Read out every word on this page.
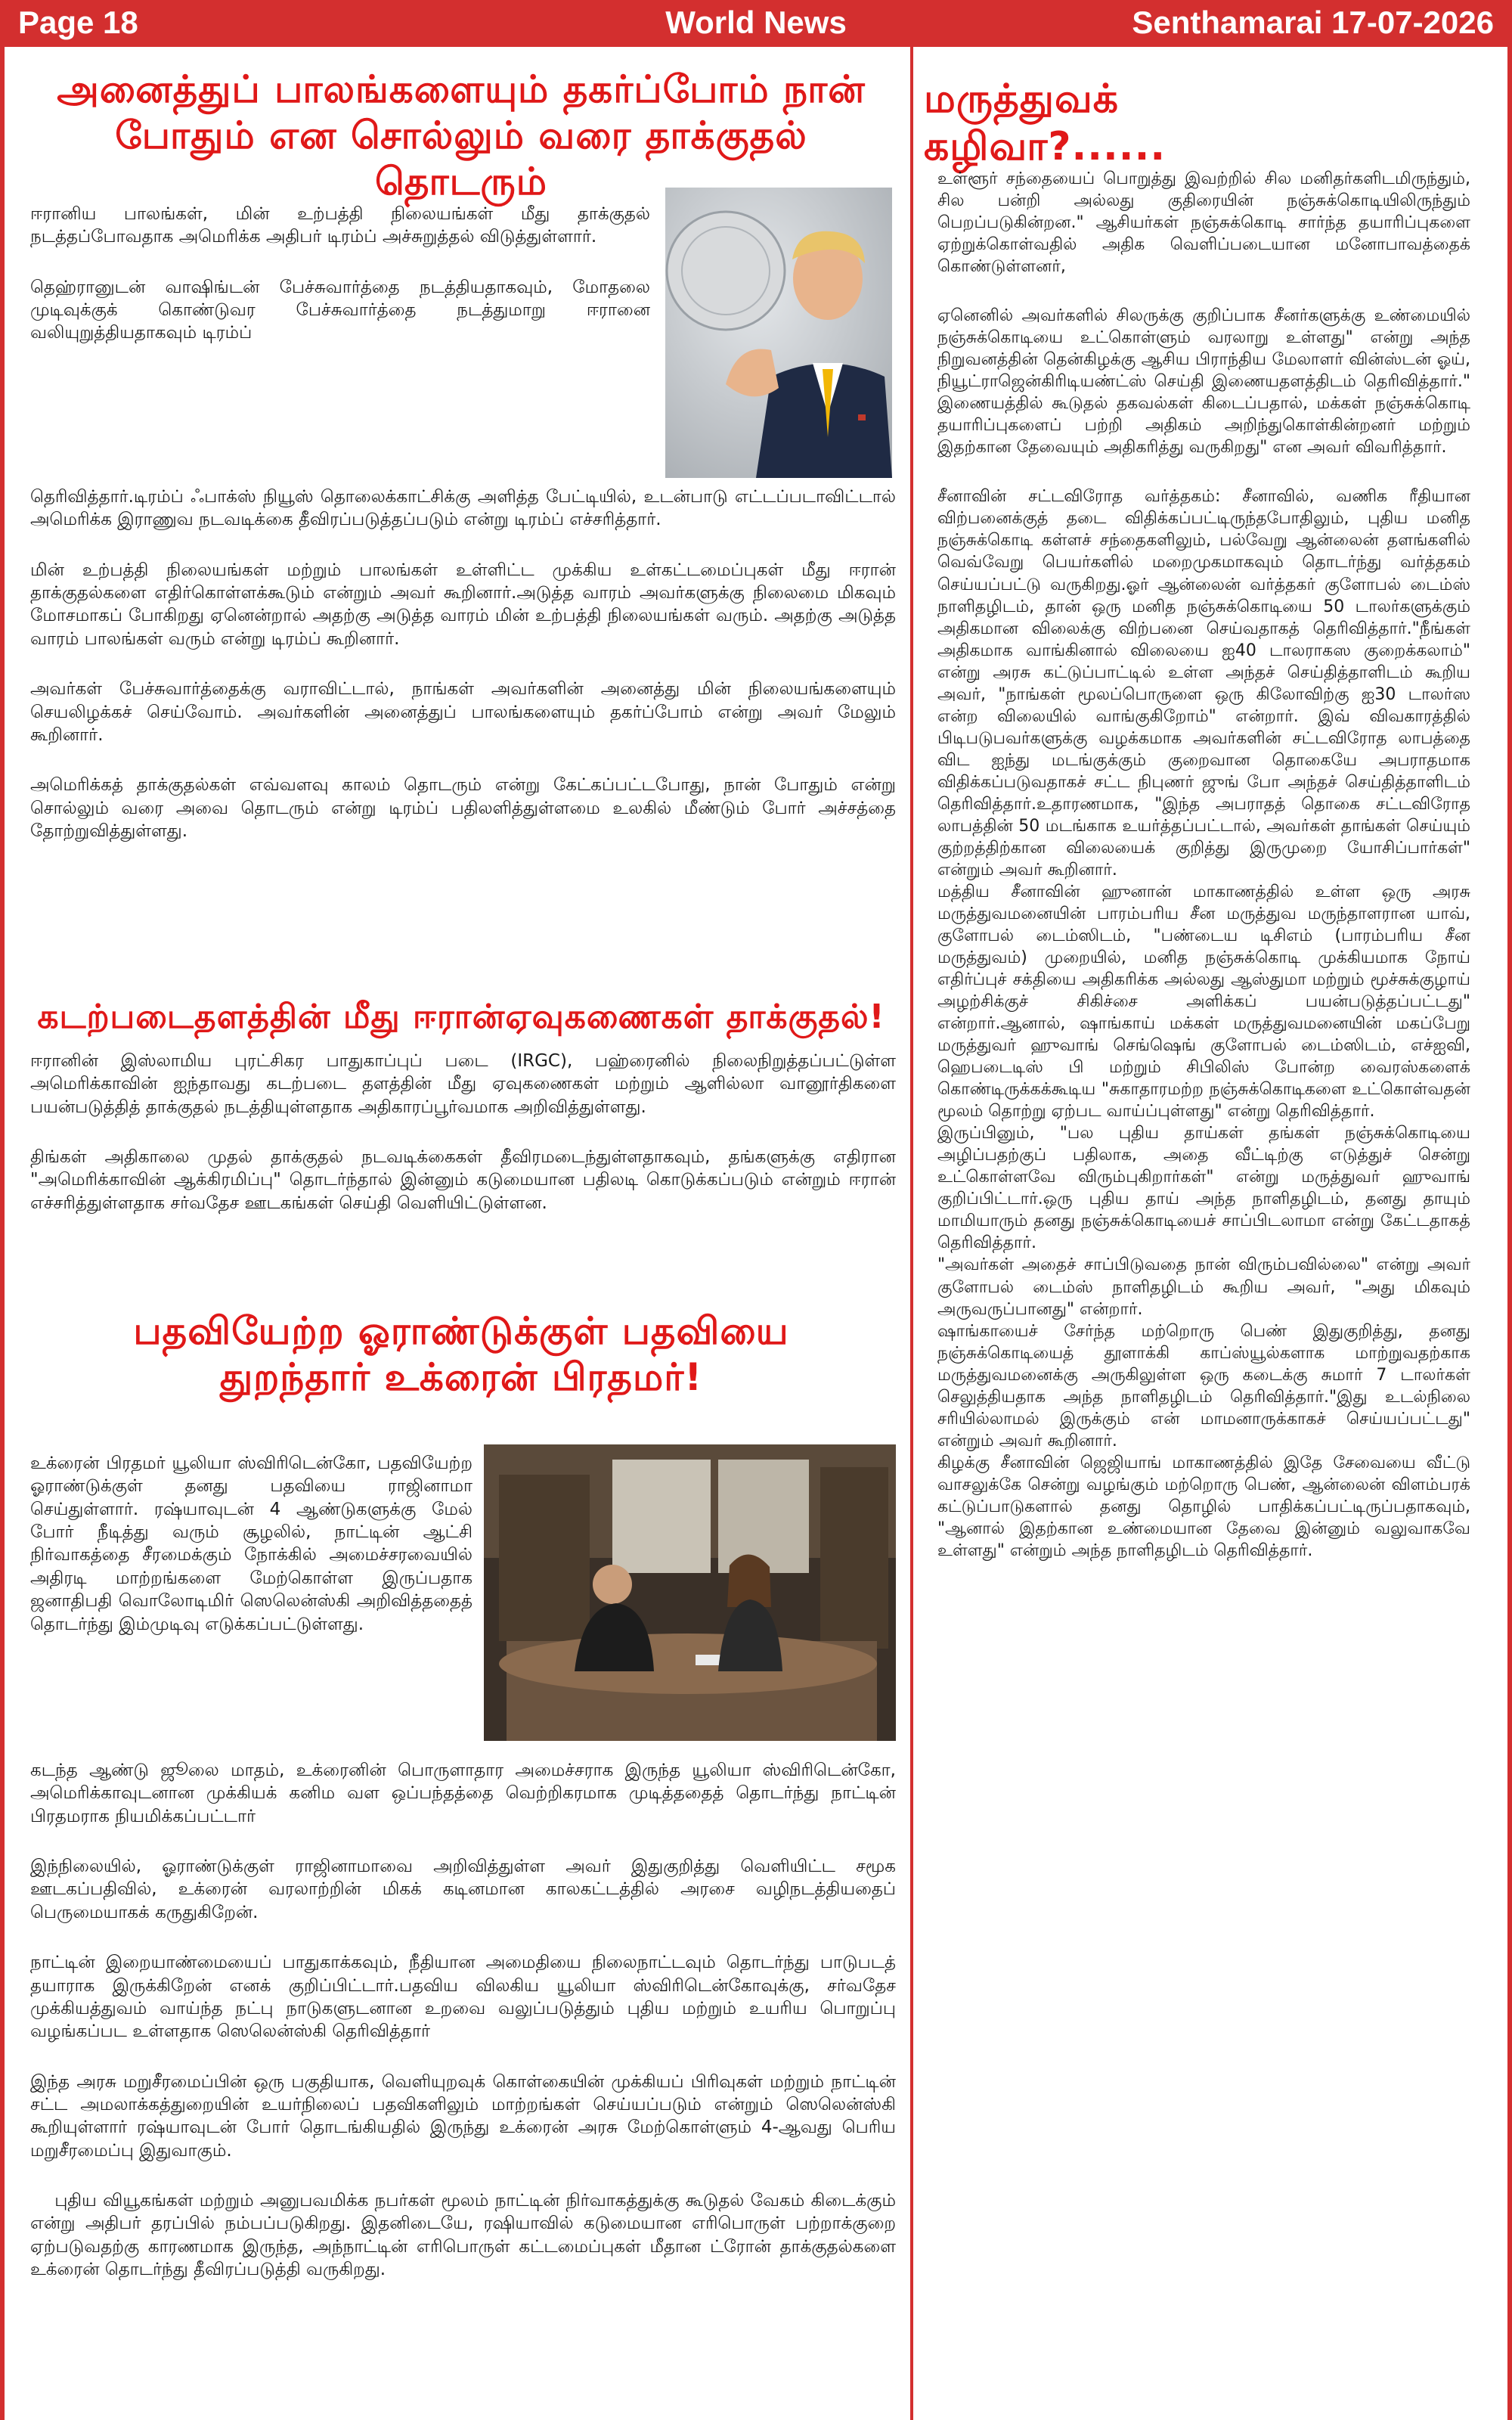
Page 18	World News	Senthamarai 17-07-2026
அனைத்துப் பாலங்களையும் தகர்ப்போம் நான்
போதும் என சொல்லும் வரை தாக்குதல் தொடரும்

ஈரானிய பாலங்கள், மின் உற்பத்தி நிலையங்கள் மீது தாக்குதல் நடத்தப்போவதாக அமெரிக்க அதிபர் டிரம்ப் அச்சுறுத்தல் விடுத்துள்ளார்.

தெஹ்ரானுடன் வாஷிங்டன் பேச்சுவார்த்தை நடத்தியதாகவும், மோதலை முடிவுக்குக் கொண்டுவர பேச்சுவார்த்தை நடத்துமாறு ஈரானை வலியுறுத்தியதாகவும் டிரம்ப்

தெரிவித்தார்.டிரம்ப் ஃபாக்ஸ் நியூஸ் தொலைக்காட்சிக்கு அளித்த பேட்டியில், உடன்பாடு எட்டப்படாவிட்டால் அமெரிக்க இராணுவ நடவடிக்கை தீவிரப்படுத்தப்படும் என்று டிரம்ப் எச்சரித்தார்.

மின் உற்பத்தி நிலையங்கள் மற்றும் பாலங்கள் உள்ளிட்ட முக்கிய உள்கட்டமைப்புகள் மீது ஈரான் தாக்குதல்களை எதிர்கொள்ளக்கூடும் என்றும் அவர் கூறினார்.அடுத்த வாரம் அவர்களுக்கு நிலைமை மிகவும் மோசமாகப் போகிறது ஏனென்றால் அதற்கு அடுத்த வாரம் மின் உற்பத்தி நிலையங்கள் வரும். அதற்கு அடுத்த வாரம் பாலங்கள் வரும் என்று டிரம்ப் கூறினார்.

அவர்கள் பேச்சுவார்த்தைக்கு வராவிட்டால், நாங்கள் அவர்களின் அனைத்து மின் நிலையங்களையும் செயலிழக்கச் செய்வோம். அவர்களின் அனைத்துப் பாலங்களையும் தகர்ப்போம் என்று அவர் மேலும் கூறினார்.

அமெரிக்கத் தாக்குதல்கள் எவ்வளவு காலம் தொடரும் என்று கேட்கப்பட்டபோது, நான் போதும் என்று சொல்லும் வரை அவை தொடரும் என்று டிரம்ப் பதிலளித்துள்ளமை உலகில் மீண்டும் போர் அச்சத்தை தோற்றுவித்துள்ளது.

கடற்படைதளத்தின் மீது ஈரான்ஏவுகணைகள் தாக்குதல்!

ஈரானின் இஸ்லாமிய புரட்சிகர பாதுகாப்புப் படை (IRGC), பஹ்ரைனில் நிலைநிறுத்தப்பட்டுள்ள அமெரிக்காவின் ஐந்தாவது கடற்படை தளத்தின் மீது ஏவுகணைகள் மற்றும் ஆளில்லா வானூர்திகளை பயன்படுத்தித் தாக்குதல் நடத்தியுள்ளதாக அதிகாரப்பூர்வமாக அறிவித்துள்ளது.

திங்கள் அதிகாலை முதல் தாக்குதல் நடவடிக்கைகள் தீவிரமடைந்துள்ளதாகவும், தங்களுக்கு எதிரான "அமெரிக்காவின் ஆக்கிரமிப்பு" தொடர்ந்தால் இன்னும் கடுமையான பதிலடி கொடுக்கப்படும் என்றும் ஈரான் எச்சரித்துள்ளதாக சர்வதேச ஊடகங்கள் செய்தி வெளியிட்டுள்ளன.

பதவியேற்ற ஓராண்டுக்குள் பதவியை
துறந்தார் உக்ரைன் பிரதமர்!

உக்ரைன் பிரதமர் யூலியா ஸ்விரிடென்கோ, பதவியேற்ற ஓராண்டுக்குள் தனது பதவியை ராஜினாமா செய்துள்ளார். ரஷ்யாவுடன் 4 ஆண்டுகளுக்கு மேல் போர் நீடித்து வரும் சூழலில், நாட்டின் ஆட்சி நிர்வாகத்தை சீரமைக்கும் நோக்கில் அமைச்சரவையில் அதிரடி மாற்றங்களை மேற்கொள்ள இருப்பதாக ஜனாதிபதி வொலோடிமிர் ஸெலென்ஸ்கி அறிவித்ததைத் தொடர்ந்து இம்முடிவு எடுக்கப்பட்டுள்ளது.

கடந்த ஆண்டு ஜூலை மாதம், உக்ரைனின் பொருளாதார அமைச்சராக இருந்த யூலியா ஸ்விரிடென்கோ, அமெரிக்காவுடனான முக்கியக் கனிம வள ஒப்பந்தத்தை வெற்றிகரமாக முடித்ததைத் தொடர்ந்து நாட்டின் பிரதமராக நியமிக்கப்பட்டார்

இந்நிலையில், ஓராண்டுக்குள் ராஜினாமாவை அறிவித்துள்ள அவர் இதுகுறித்து வெளியிட்ட சமூக ஊடகப்பதிவில், உக்ரைன் வரலாற்றின் மிகக் கடினமான காலகட்டத்தில் அரசை வழிநடத்தியதைப் பெருமையாகக் கருதுகிறேன்.

நாட்டின் இறையாண்மையைப் பாதுகாக்கவும், நீதியான அமைதியை நிலைநாட்டவும் தொடர்ந்து பாடுபடத் தயாராக இருக்கிறேன் எனக் குறிப்பிட்டார்.பதவிய விலகிய யூலியா ஸ்விரிடென்கோவுக்கு, சர்வதேச முக்கியத்துவம் வாய்ந்த நட்பு நாடுகளுடனான உறவை வலுப்படுத்தும் புதிய மற்றும் உயரிய பொறுப்பு வழங்கப்பட உள்ளதாக ஸெலென்ஸ்கி தெரிவித்தார்

இந்த அரசு மறுசீரமைப்பின் ஒரு பகுதியாக, வெளியுறவுக் கொள்கையின் முக்கியப் பிரிவுகள் மற்றும் நாட்டின் சட்ட அமலாக்கத்துறையின் உயர்நிலைப் பதவிகளிலும் மாற்றங்கள் செய்யப்படும் என்றும் ஸெலென்ஸ்கி கூறியுள்ளார் ரஷ்யாவுடன் போர் தொடங்கியதில் இருந்து உக்ரைன் அரசு மேற்கொள்ளும் 4-ஆவது பெரிய மறுசீரமைப்பு இதுவாகும்.

புதிய வியூகங்கள் மற்றும் அனுபவமிக்க நபர்கள் மூலம் நாட்டின் நிர்வாகத்துக்கு கூடுதல் வேகம் கிடைக்கும் என்று அதிபர் தரப்பில் நம்பப்படுகிறது. இதனிடையே, ரஷியாவில் கடுமையான எரிபொருள் பற்றாக்குறை ஏற்படுவதற்கு காரணமாக இருந்த, அந்நாட்டின் எரிபொருள் கட்டமைப்புகள் மீதான ட்ரோன் தாக்குதல்களை உக்ரைன் தொடர்ந்து தீவிரப்படுத்தி வருகிறது.

மருத்துவக் கழிவா?......

உள்ளூர் சந்தையைப் பொறுத்து இவற்றில் சில மனிதர்களிடமிருந்தும், சில பன்றி அல்லது குதிரையின் நஞ்சுக்கொடியிலிருந்தும் பெறப்படுகின்றன." ஆசியர்கள் நஞ்சுக்கொடி சார்ந்த தயாரிப்புகளை ஏற்றுக்கொள்வதில் அதிக வெளிப்படையான மனோபாவத்தைக் கொண்டுள்ளனர்,

ஏனெனில் அவர்களில் சிலருக்கு குறிப்பாக சீனர்களுக்கு உண்மையில் நஞ்சுக்கொடியை உட்கொள்ளும் வரலாறு உள்ளது" என்று அந்த நிறுவனத்தின் தென்கிழக்கு ஆசிய பிராந்திய மேலாளர் வின்ஸ்டன் ஓய், நியூட்ராஜென்கிரிடியண்ட்ஸ் செய்தி இணையதளத்திடம் தெரிவித்தார்." இணையத்தில் கூடுதல் தகவல்கள் கிடைப்பதால், மக்கள் நஞ்சுக்கொடி தயாரிப்புகளைப் பற்றி அதிகம் அறிந்துகொள்கின்றனர் மற்றும் இதற்கான தேவையும் அதிகரித்து வருகிறது" என அவர் விவரித்தார்.

சீனாவின் சட்டவிரோத வர்த்தகம்: சீனாவில், வணிக ரீதியான விற்பனைக்குத் தடை விதிக்கப்பட்டிருந்தபோதிலும், புதிய மனித நஞ்சுக்கொடி கள்ளச் சந்தைகளிலும், பல்வேறு ஆன்லைன் தளங்களில் வெவ்வேறு பெயர்களில் மறைமுகமாகவும் தொடர்ந்து வர்த்தகம் செய்யப்பட்டு வருகிறது.ஓர் ஆன்லைன் வர்த்தகர் குளோபல் டைம்ஸ் நாளிதழிடம், தான் ஒரு மனித நஞ்சுக்கொடியை 50 டாலர்களுக்கும் அதிகமான விலைக்கு விற்பனை செய்வதாகத் தெரிவித்தார்."நீங்கள் அதிகமாக வாங்கினால் விலையை ஐ40 டாலராகஸ குறைக்கலாம்" என்று அரசு கட்டுப்பாட்டில் உள்ள அந்தச் செய்தித்தாளிடம் கூறிய அவர், "நாங்கள் மூலப்பொருளை ஒரு கிலோவிற்கு ஐ30 டாலர்ஸ என்ற விலையில் வாங்குகிறோம்" என்றார். இவ் விவகாரத்தில் பிடிபடுபவர்களுக்கு வழக்கமாக அவர்களின் சட்டவிரோத லாபத்தை விட ஐந்து மடங்குக்கும் குறைவான தொகையே அபராதமாக விதிக்கப்படுவதாகச் சட்ட நிபுணர் ஜுங் போ அந்தச் செய்தித்தாளிடம் தெரிவித்தார்.உதாரணமாக, "இந்த அபராதத் தொகை சட்டவிரோத லாபத்தின் 50 மடங்காக உயர்த்தப்பட்டால், அவர்கள் தாங்கள் செய்யும் குற்றத்திற்கான விலையைக் குறித்து இருமுறை யோசிப்பார்கள்" என்றும் அவர் கூறினார்.

மத்திய சீனாவின் ஹுனான் மாகாணத்தில் உள்ள ஒரு அரசு மருத்துவமனையின் பாரம்பரிய சீன மருத்துவ மருந்தாளரான யாவ், குளோபல் டைம்ஸிடம், "பண்டைய டிசிஎம் (பாரம்பரிய சீன மருத்துவம்) முறையில், மனித நஞ்சுக்கொடி முக்கியமாக நோய் எதிர்ப்புச் சக்தியை அதிகரிக்க அல்லது ஆஸ்துமா மற்றும் மூச்சுக்குழாய் அழற்சிக்குச் சிகிச்சை அளிக்கப் பயன்படுத்தப்பட்டது" என்றார்.ஆனால், ஷாங்காய் மக்கள் மருத்துவமனையின் மகப்பேறு மருத்துவர் ஹுவாங் செங்ஷெங் குளோபல் டைம்ஸிடம், எச்ஐவி, ஹெபடைடிஸ் பி மற்றும் சிபிலிஸ் போன்ற வைரஸ்களைக் கொண்டிருக்கக்கூடிய "சுகாதாரமற்ற நஞ்சுக்கொடிகளை உட்கொள்வதன் மூலம் தொற்று ஏற்பட வாய்ப்புள்ளது" என்று தெரிவித்தார்.

இருப்பினும், "பல புதிய தாய்கள் தங்கள் நஞ்சுக்கொடியை அழிப்பதற்குப் பதிலாக, அதை வீட்டிற்கு எடுத்துச் சென்று உட்கொள்ளவே விரும்புகிறார்கள்" என்று மருத்துவர் ஹுவாங் குறிப்பிட்டார்.ஒரு புதிய தாய் அந்த நாளிதழிடம், தனது தாயும் மாமியாரும் தனது நஞ்சுக்கொடியைச் சாப்பிடலாமா என்று கேட்டதாகத் தெரிவித்தார்.

"அவர்கள் அதைச் சாப்பிடுவதை நான் விரும்பவில்லை" என்று அவர் குளோபல் டைம்ஸ் நாளிதழிடம் கூறிய அவர், "அது மிகவும் அருவருப்பானது" என்றார்.

ஷாங்காயைச் சேர்ந்த மற்றொரு பெண் இதுகுறித்து, தனது நஞ்சுக்கொடியைத் தூளாக்கி காப்ஸ்யூல்களாக மாற்றுவதற்காக மருத்துவமனைக்கு அருகிலுள்ள ஒரு கடைக்கு சுமார் 7 டாலர்கள் செலுத்தியதாக அந்த நாளிதழிடம் தெரிவித்தார்."இது உடல்நிலை சரியில்லாமல் இருக்கும் என் மாமனாருக்காகச் செய்யப்பட்டது" என்றும் அவர் கூறினார்.

கிழக்கு சீனாவின் ஜெஜியாங் மாகாணத்தில் இதே சேவையை வீட்டு வாசலுக்கே சென்று வழங்கும் மற்றொரு பெண், ஆன்லைன் விளம்பரக் கட்டுப்பாடுகளால் தனது தொழில் பாதிக்கப்பட்டிருப்பதாகவும், "ஆனால் இதற்கான உண்மையான தேவை இன்னும் வலுவாகவே உள்ளது" என்றும் அந்த நாளிதழிடம் தெரிவித்தார்.
